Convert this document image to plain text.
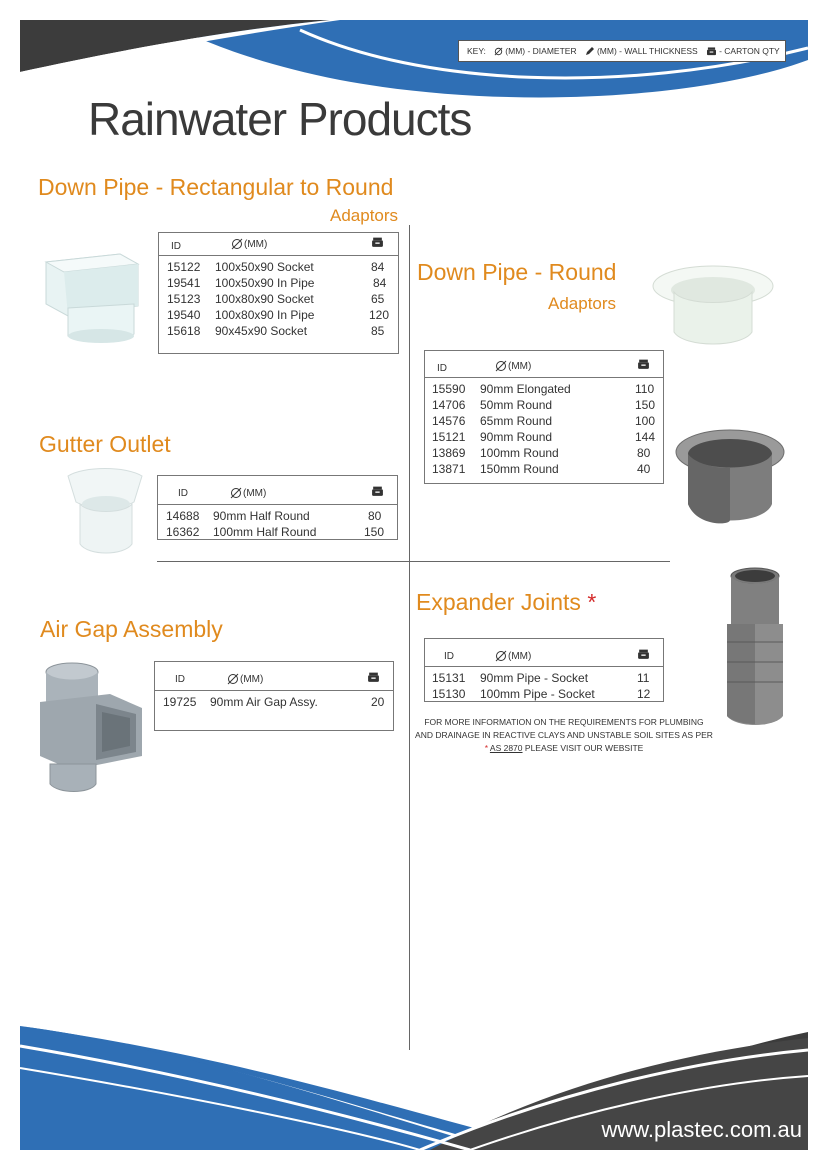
KEY:	(MM) - DIAMETER	(MM) - WALL THICKNESS	- CARTON QTY
Rainwater Products
Down Pipe - Rectangular to Round
Adaptors
ID	(MM)
15122 100x50x90 Socket	84
19541 100x50x90 In Pipe	84
15123 100x80x90 Socket	65
19540 100x80x90 In Pipe	120
15618 90x45x90 Socket	85
Down Pipe - Round
Adaptors
ID	(MM)
15590 90mm Elongated	110
14706 50mm Round	150
14576 65mm Round	100
15121 90mm Round	144
13869 100mm Round	80
13871 150mm Round	40
Gutter Outlet
ID	(MM)
14688 90mm Half Round	80
16362 100mm Half Round	150
Air Gap Assembly
ID	(MM)
19725 90mm Air Gap Assy.	20
Expander Joints *
ID	(MM)
15131 90mm Pipe - Socket	11
15130 100mm Pipe - Socket	12
FOR MORE INFORMATION ON THE REQUIREMENTS FOR PLUMBING
AND DRAINAGE IN REACTIVE CLAYS AND UNSTABLE SOIL SITES AS PER
* AS 2870 PLEASE VISIT OUR WEBSITE
www.plastec.com.au
